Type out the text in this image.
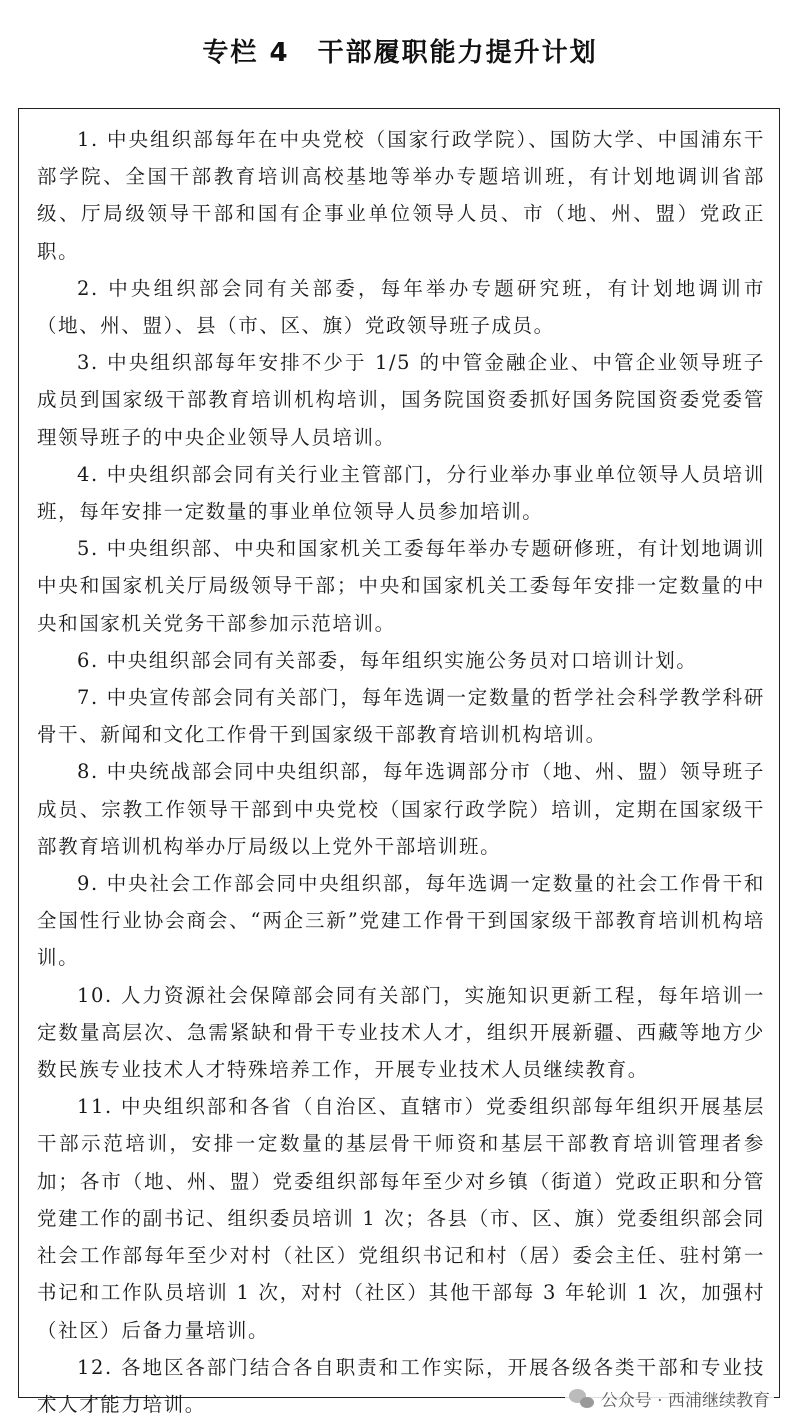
专栏 4　干部履职能力提升计划

1. 中央组织部每年在中央党校（国家行政学院）、国防大学、中国浦东干部学院、全国干部教育培训高校基地等举办专题培训班，有计划地调训省部级、厅局级领导干部和国有企事业单位领导人员、市（地、州、盟）党政正职。

2. 中央组织部会同有关部委，每年举办专题研究班，有计划地调训市（地、州、盟）、县（市、区、旗）党政领导班子成员。

3. 中央组织部每年安排不少于 1/5 的中管金融企业、中管企业领导班子成员到国家级干部教育培训机构培训，国务院国资委抓好国务院国资委党委管理领导班子的中央企业领导人员培训。

4. 中央组织部会同有关行业主管部门，分行业举办事业单位领导人员培训班，每年安排一定数量的事业单位领导人员参加培训。

5. 中央组织部、中央和国家机关工委每年举办专题研修班，有计划地调训中央和国家机关厅局级领导干部；中央和国家机关工委每年安排一定数量的中央和国家机关党务干部参加示范培训。

6. 中央组织部会同有关部委，每年组织实施公务员对口培训计划。

7. 中央宣传部会同有关部门，每年选调一定数量的哲学社会科学教学科研骨干、新闻和文化工作骨干到国家级干部教育培训机构培训。

8. 中央统战部会同中央组织部，每年选调部分市（地、州、盟）领导班子成员、宗教工作领导干部到中央党校（国家行政学院）培训，定期在国家级干部教育培训机构举办厅局级以上党外干部培训班。

9. 中央社会工作部会同中央组织部，每年选调一定数量的社会工作骨干和全国性行业协会商会、“两企三新”党建工作骨干到国家级干部教育培训机构培训。

10. 人力资源社会保障部会同有关部门，实施知识更新工程，每年培训一定数量高层次、急需紧缺和骨干专业技术人才，组织开展新疆、西藏等地方少数民族专业技术人才特殊培养工作，开展专业技术人员继续教育。

11. 中央组织部和各省（自治区、直辖市）党委组织部每年组织开展基层干部示范培训，安排一定数量的基层骨干师资和基层干部教育培训管理者参加；各市（地、州、盟）党委组织部每年至少对乡镇（街道）党政正职和分管党建工作的副书记、组织委员培训 1 次；各县（市、区、旗）党委组织部会同社会工作部每年至少对村（社区）党组织书记和村（居）委会主任、驻村第一书记和工作队员培训 1 次，对村（社区）其他干部每 3 年轮训 1 次，加强村（社区）后备力量培训。

12. 各地区各部门结合各自职责和工作实际，开展各级各类干部和专业技术人才能力培训。	公众号 · 西浦继续教育
